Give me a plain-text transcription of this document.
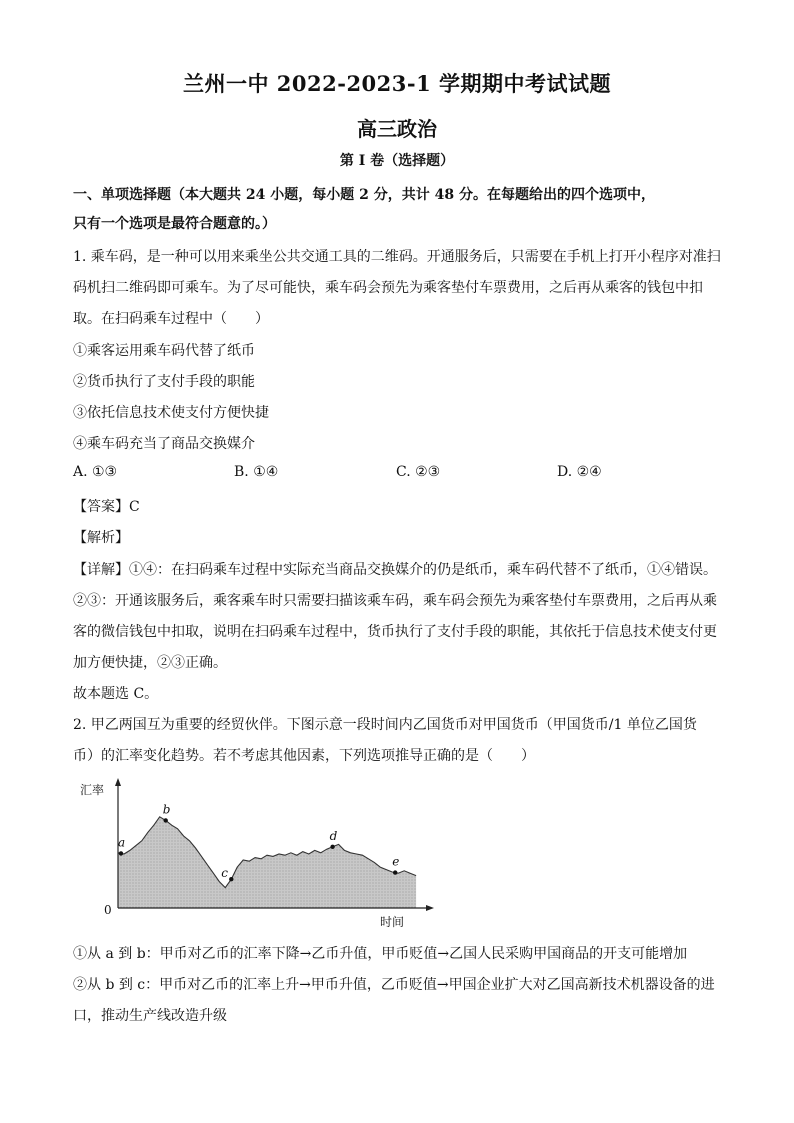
兰州一中 2022-2023-1 学期期中考试试题
高三政治
第 I 卷（选择题）
一、单项选择题（本大题共 24 小题，每小题 2 分，共计 48 分。在每题给出的四个选项中，
只有一个选项是最符合题意的。）
1. 乘车码，是一种可以用来乘坐公共交通工具的二维码。开通服务后，只需要在手机上打开小程序对准扫
码机扫二维码即可乘车。为了尽可能快，乘车码会预先为乘客垫付车票费用，之后再从乘客的钱包中扣
取。在扫码乘车过程中（　　）
①乘客运用乘车码代替了纸币
②货币执行了支付手段的职能
③依托信息技术使支付方便快捷
④乘车码充当了商品交换媒介
A. ①③	B. ①④	C. ②③	D. ②④
【答案】C
【解析】
【详解】①④：在扫码乘车过程中实际充当商品交换媒介的仍是纸币，乘车码代替不了纸币，①④错误。
②③：开通该服务后，乘客乘车时只需要扫描该乘车码，乘车码会预先为乘客垫付车票费用，之后再从乘
客的微信钱包中扣取，说明在扫码乘车过程中，货币执行了支付手段的职能，其依托于信息技术使支付更
加方便快捷，②③正确。
故本题选 C。
2. 甲乙两国互为重要的经贸伙伴。下图示意一段时间内乙国货币对甲国货币（甲国货币/1 单位乙国货
币）的汇率变化趋势。若不考虑其他因素，下列选项推导正确的是（　　）
汇率
时间
0
a
b
c
d
e
①从 a 到 b：甲币对乙币的汇率下降→乙币升值，甲币贬值→乙国人民采购甲国商品的开支可能增加
②从 b 到 c：甲币对乙币的汇率上升→甲币升值，乙币贬值→甲国企业扩大对乙国高新技术机器设备的进
口，推动生产线改造升级
